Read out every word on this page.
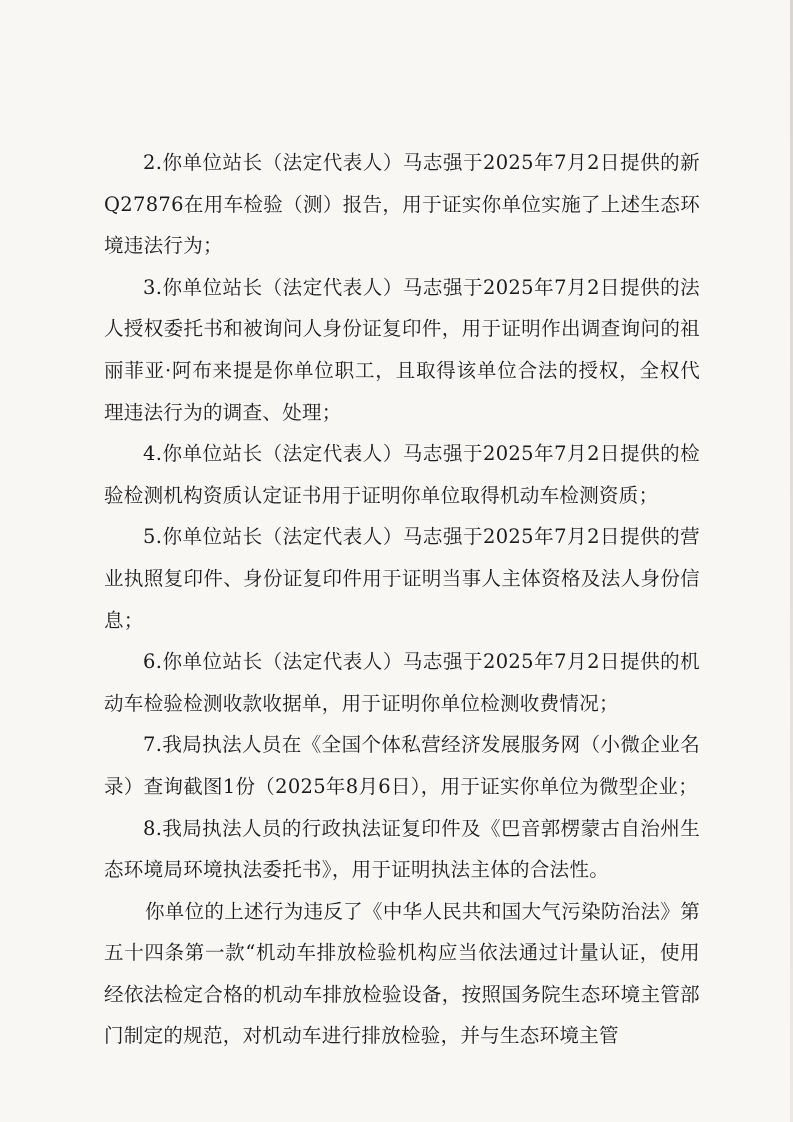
2.你单位站长（法定代表人）马志强于2025年7月2日提供的新Q27876在用车检验（测）报告，用于证实你单位实施了上述生态环境违法行为；

3.你单位站长（法定代表人）马志强于2025年7月2日提供的法人授权委托书和被询问人身份证复印件，用于证明作出调查询问的祖丽菲亚·阿布来提是你单位职工，且取得该单位合法的授权，全权代理违法行为的调查、处理；

4.你单位站长（法定代表人）马志强于2025年7月2日提供的检验检测机构资质认定证书用于证明你单位取得机动车检测资质；

5.你单位站长（法定代表人）马志强于2025年7月2日提供的营业执照复印件、身份证复印件用于证明当事人主体资格及法人身份信息；

6.你单位站长（法定代表人）马志强于2025年7月2日提供的机动车检验检测收款收据单，用于证明你单位检测收费情况；

7.我局执法人员在《全国个体私营经济发展服务网（小微企业名录）查询截图1份（2025年8月6日），用于证实你单位为微型企业；

8.我局执法人员的行政执法证复印件及《巴音郭楞蒙古自治州生态环境局环境执法委托书》，用于证明执法主体的合法性。

你单位的上述行为违反了《中华人民共和国大气污染防治法》第五十四条第一款“机动车排放检验机构应当依法通过计量认证，使用经依法检定合格的机动车排放检验设备，按照国务院生态环境主管部门制定的规范，对机动车进行排放检验，并与生态环境主管
